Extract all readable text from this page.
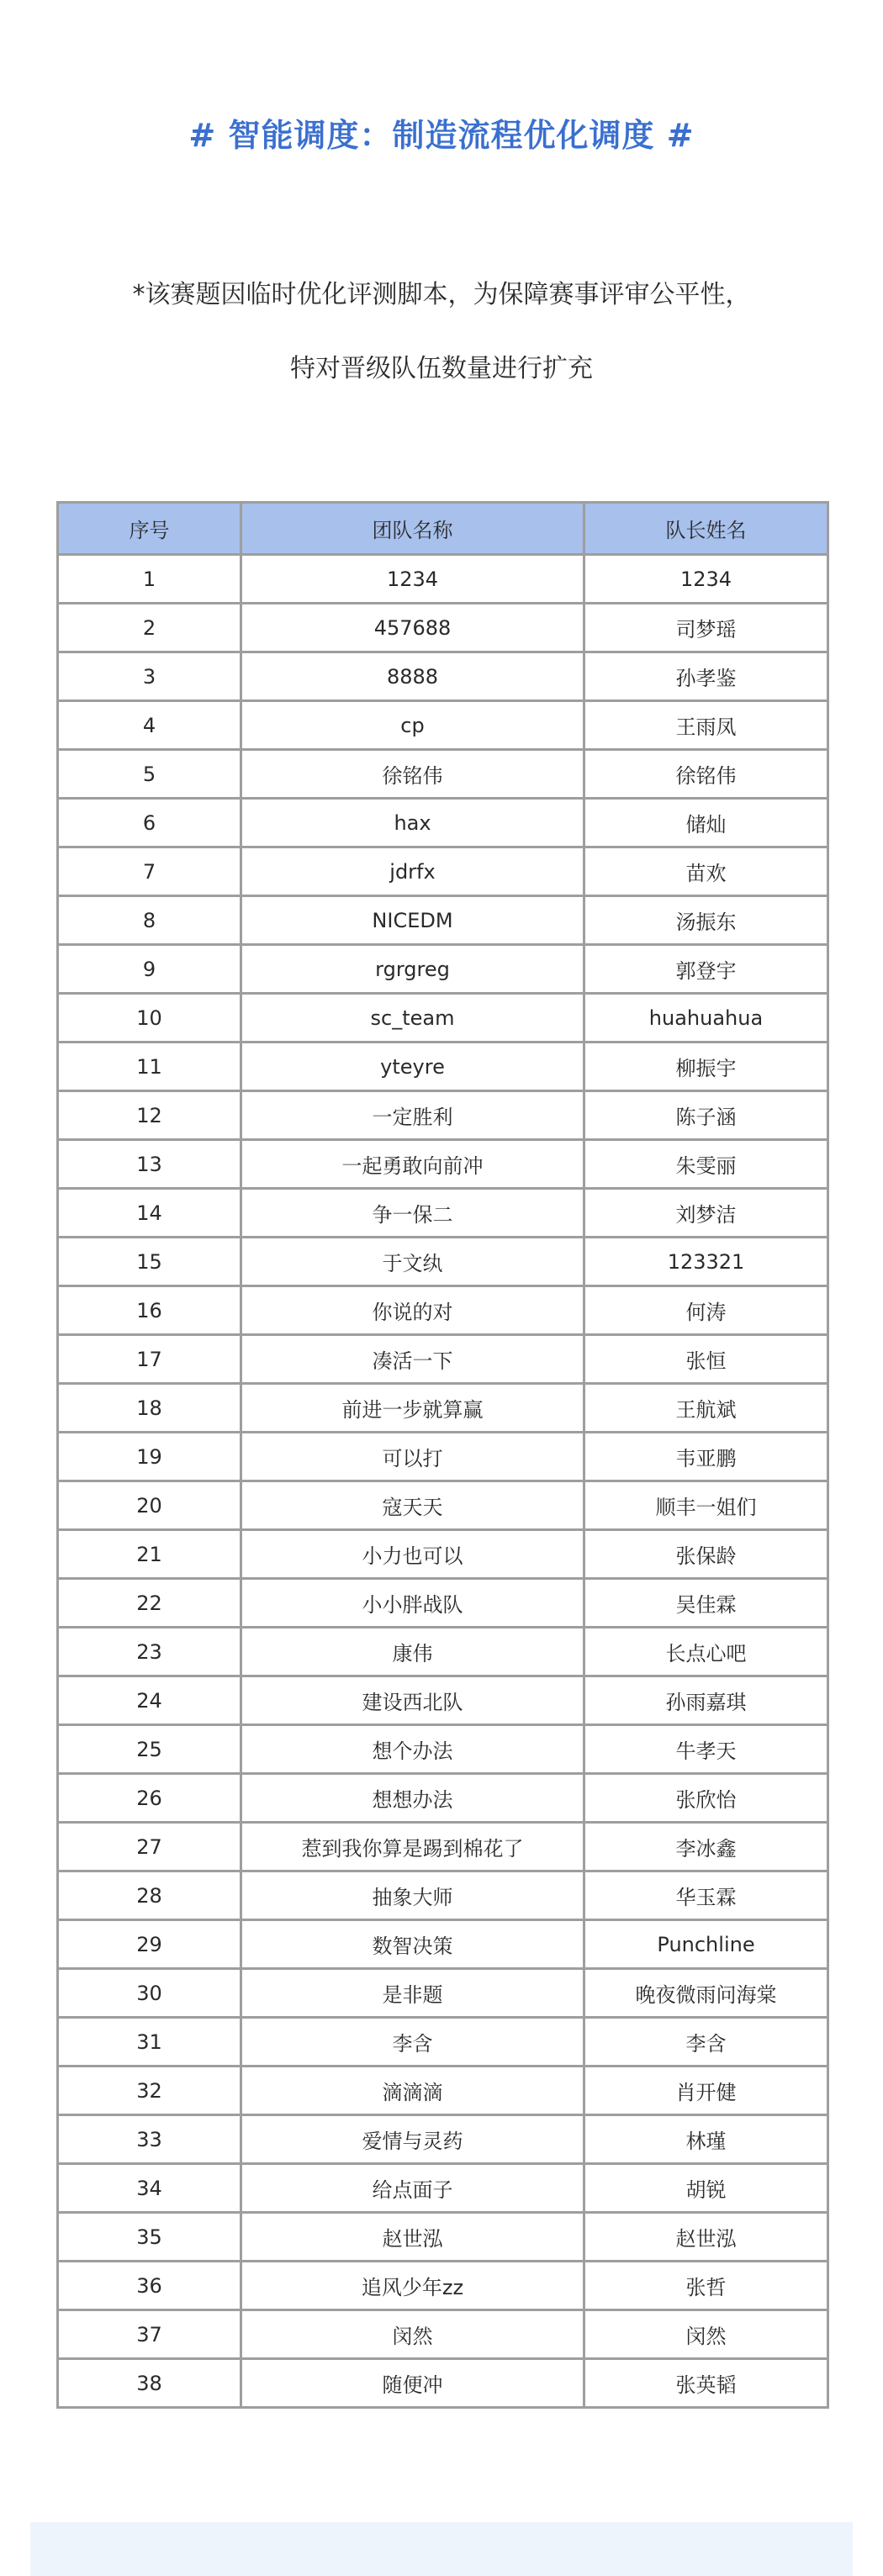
# 智能调度：制造流程优化调度 #
*该赛题因临时优化评测脚本，为保障赛事评审公平性，
特对晋级队伍数量进行扩充
序号	团队名称	队长姓名
1	1234	1234
2	457688	司梦瑶
3	8888	孙孝鉴
4	cp	王雨凤
5	徐铭伟	徐铭伟
6	hax	储灿
7	jdrfx	苗欢
8	NICEDM	汤振东
9	rgrgreg	郭登宇
10	sc_team	huahuahua
11	yteyre	柳振宇
12	一定胜利	陈子涵
13	一起勇敢向前冲	朱雯丽
14	争一保二	刘梦洁
15	于文纨	123321
16	你说的对	何涛
17	凑活一下	张恒
18	前进一步就算赢	王航斌
19	可以打	韦亚鹏
20	寇天天	顺丰一姐们
21	小力也可以	张保龄
22	小小胖战队	吴佳霖
23	康伟	长点心吧
24	建设西北队	孙雨嘉琪
25	想个办法	牛孝天
26	想想办法	张欣怡
27	惹到我你算是踢到棉花了	李冰鑫
28	抽象大师	华玉霖
29	数智决策	Punchline
30	是非题	晚夜微雨问海棠
31	李含	李含
32	滴滴滴	肖开健
33	爱情与灵药	林瑾
34	给点面子	胡锐
35	赵世泓	赵世泓
36	追风少年zz	张哲
37	闵然	闵然
38	随便冲	张英韬
